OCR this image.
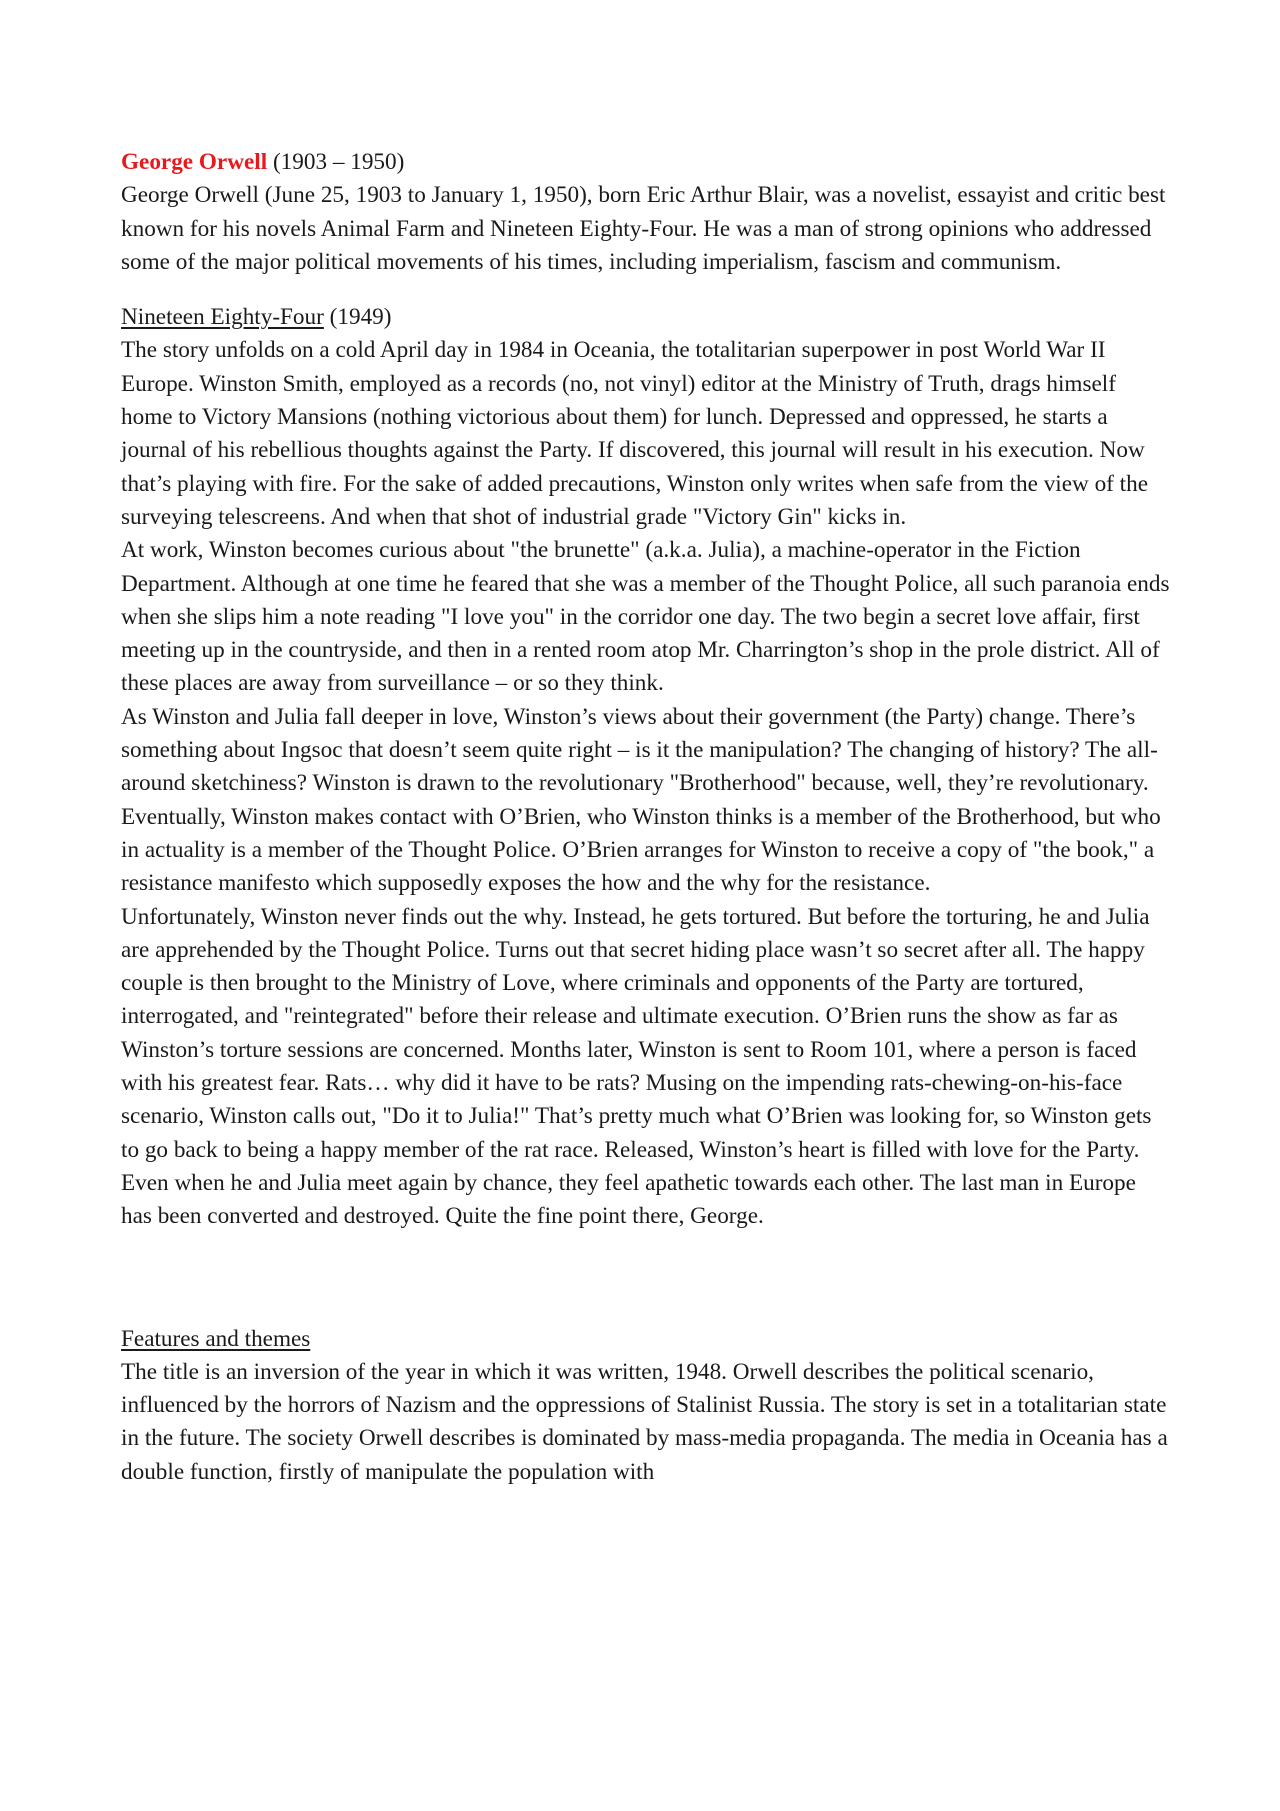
George Orwell (1903 – 1950)

George Orwell (June 25, 1903 to January 1, 1950), born Eric Arthur Blair, was a novelist, essayist and critic best known for his novels Animal Farm and Nineteen Eighty-Four. He was a man of strong opinions who addressed some of the major political movements of his times, including imperialism, fascism and communism.

Nineteen Eighty-Four (1949)

The story unfolds on a cold April day in 1984 in Oceania, the totalitarian superpower in post World War II Europe. Winston Smith, employed as a records (no, not vinyl) editor at the Ministry of Truth, drags himself home to Victory Mansions (nothing victorious about them) for lunch. Depressed and oppressed, he starts a journal of his rebellious thoughts against the Party. If discovered, this journal will result in his execution. Now that’s playing with fire. For the sake of added precautions, Winston only writes when safe from the view of the surveying telescreens. And when that shot of industrial grade "Victory Gin" kicks in.

At work, Winston becomes curious about "the brunette" (a.k.a. Julia), a machine-operator in the Fiction Department. Although at one time he feared that she was a member of the Thought Police, all such paranoia ends when she slips him a note reading "I love you" in the corridor one day. The two begin a secret love affair, first meeting up in the countryside, and then in a rented room atop Mr. Charrington’s shop in the prole district. All of these places are away from surveillance – or so they think.

As Winston and Julia fall deeper in love, Winston’s views about their government (the Party) change. There’s something about Ingsoc that doesn’t seem quite right – is it the manipulation? The changing of history? The all-around sketchiness? Winston is drawn to the revolutionary "Brotherhood" because, well, they’re revolutionary. Eventually, Winston makes contact with O’Brien, who Winston thinks is a member of the Brotherhood, but who in actuality is a member of the Thought Police. O’Brien arranges for Winston to receive a copy of "the book," a resistance manifesto which supposedly exposes the how and the why for the resistance.

Unfortunately, Winston never finds out the why. Instead, he gets tortured. But before the torturing, he and Julia are apprehended by the Thought Police. Turns out that secret hiding place wasn’t so secret after all. The happy couple is then brought to the Ministry of Love, where criminals and opponents of the Party are tortured, interrogated, and "reintegrated" before their release and ultimate execution. O’Brien runs the show as far as Winston’s torture sessions are concerned. Months later, Winston is sent to Room 101, where a person is faced with his greatest fear. Rats… why did it have to be rats? Musing on the impending rats-chewing-on-his-face scenario, Winston calls out, "Do it to Julia!" That’s pretty much what O’Brien was looking for, so Winston gets to go back to being a happy member of the rat race. Released, Winston’s heart is filled with love for the Party. Even when he and Julia meet again by chance, they feel apathetic towards each other. The last man in Europe has been converted and destroyed. Quite the fine point there, George.

Features and themes

The title is an inversion of the year in which it was written, 1948. Orwell describes the political scenario, influenced by the horrors of Nazism and the oppressions of Stalinist Russia. The story is set in a totalitarian state in the future. The society Orwell describes is dominated by mass-media propaganda. The media in Oceania has a double function, firstly of manipulate the population with
